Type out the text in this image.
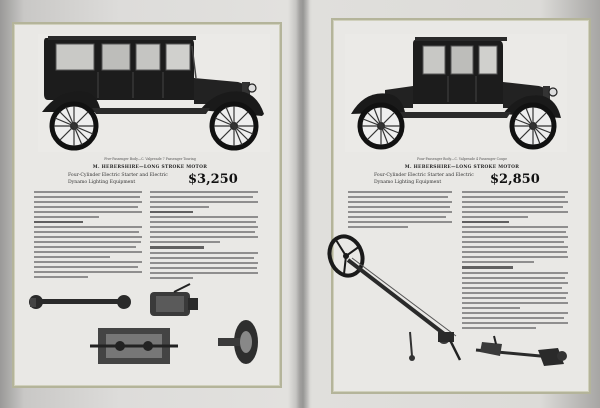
Five-Passenger Body—C. Valpreade 7 Passenger Touring
M. HEBERSHIRE—LONG STROKE MOTOR
Four-Cylinder Electric Starter and Electric
Dynamo Lighting Equipment	$3,250
Four-Passenger Body—C. Valpreade 4 Passenger Coupe
M. HEBERSHIRE—LONG STROKE MOTOR
Four-Cylinder Electric Starter and Electric
Dynamo Lighting Equipment	$2,850
